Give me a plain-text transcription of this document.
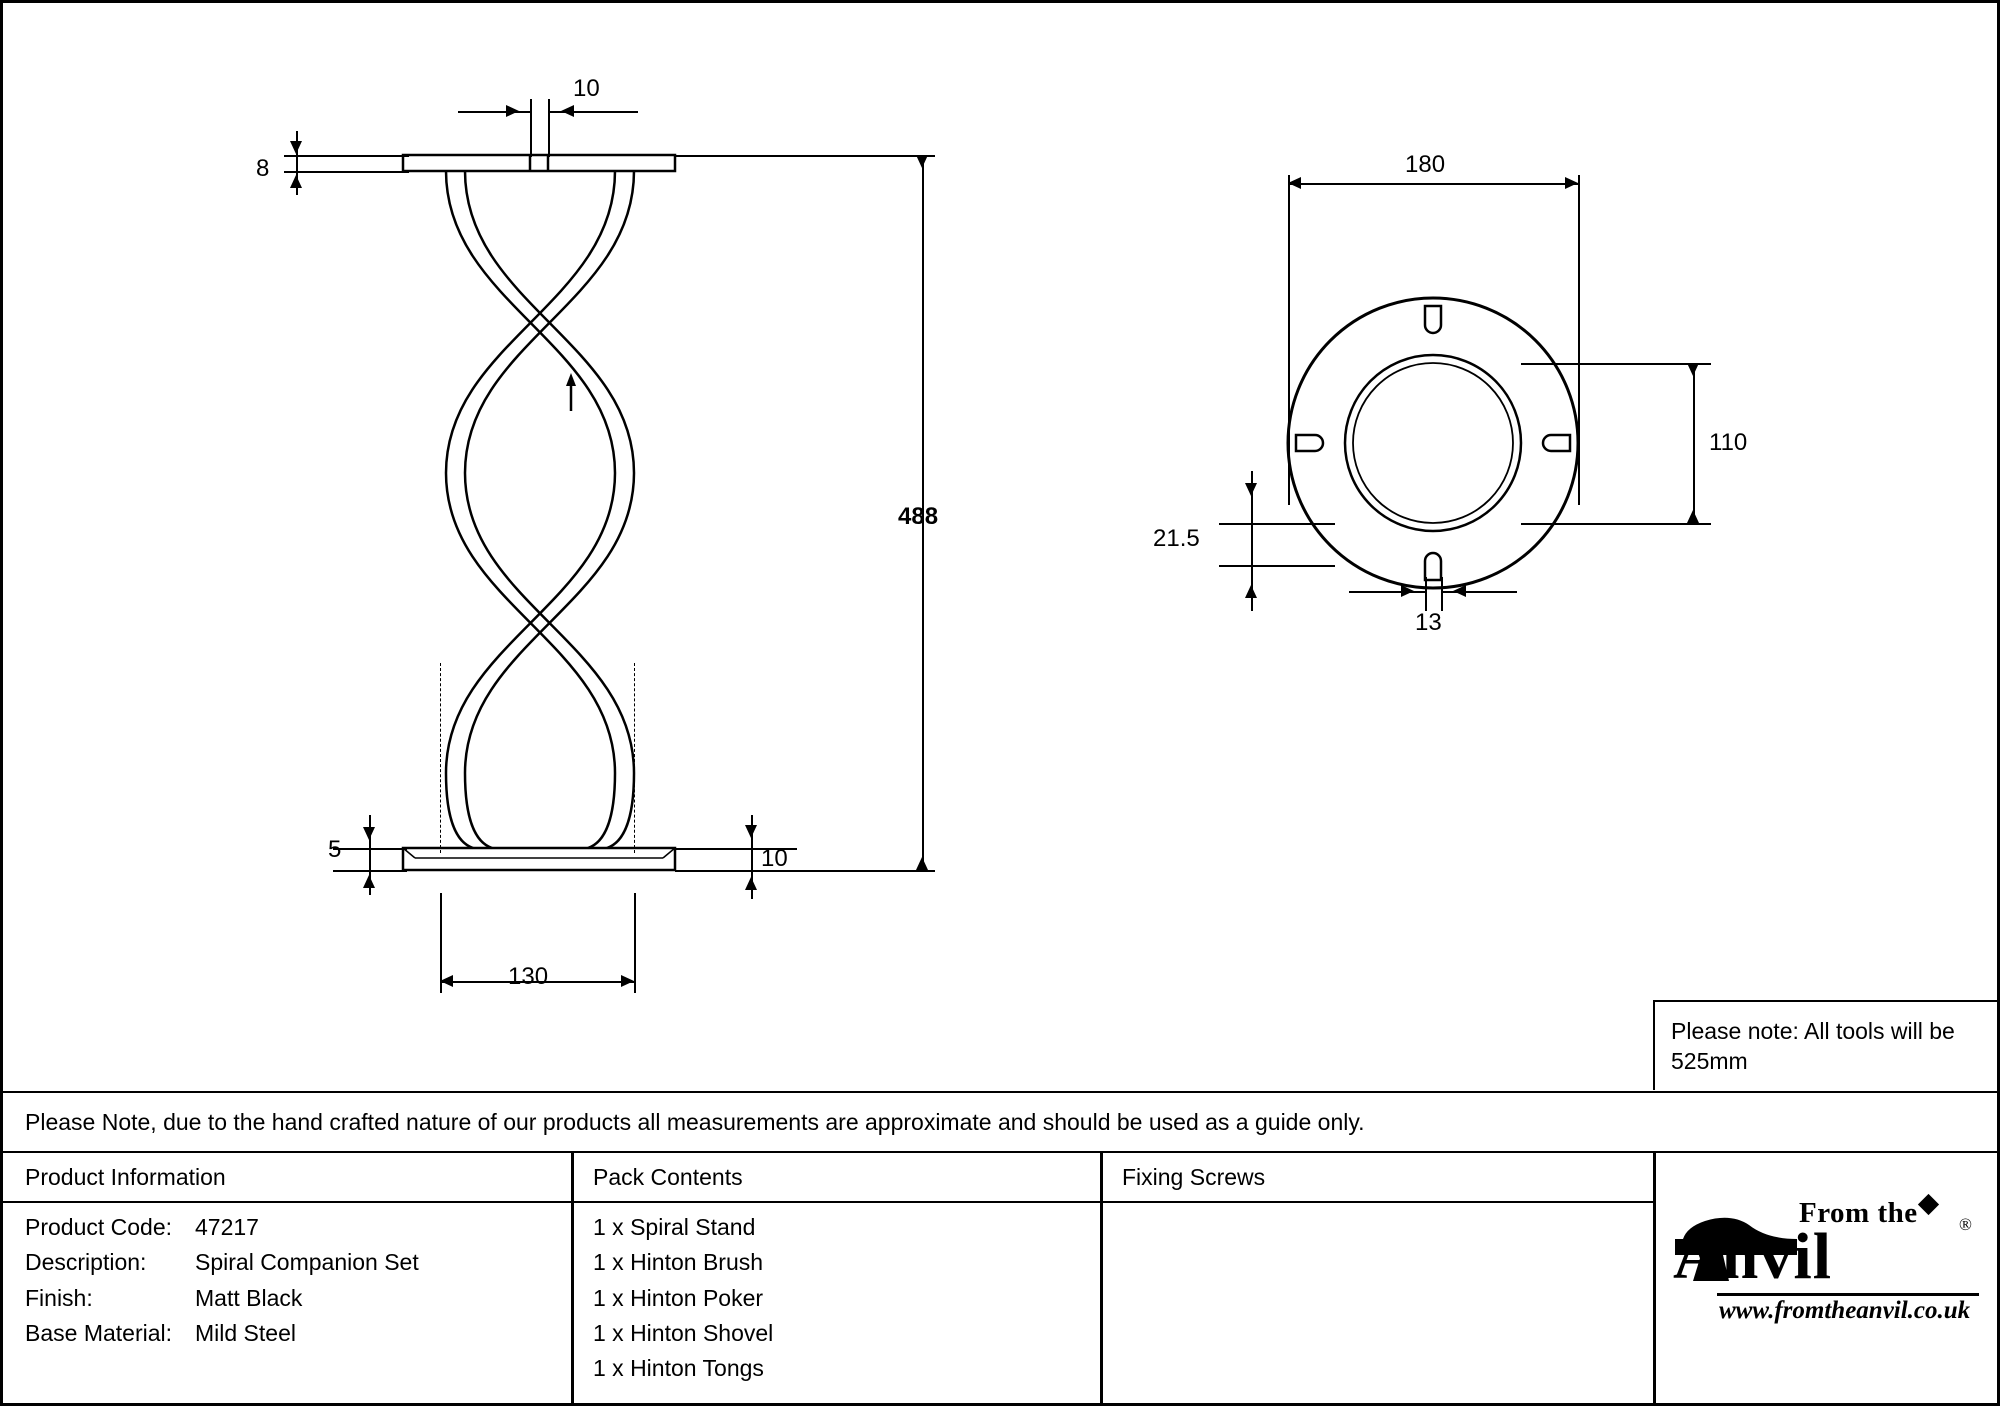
10
8
488
5	10
130
180
110
21.5
13
Please note: All tools will be 525mm
Please Note, due to the hand crafted nature of our products all measurements are approximate and should be used as a guide only.
Product Information	Pack Contents	Fixing Screws
Product Code: 47217
Description:	Spiral Companion Set
Finish:	Matt Black
Base Material: Mild Steel
1 x Spiral Stand
1 x Hinton Brush
1 x Hinton Poker
1 x Hinton Shovel
1 x Hinton Tongs
From the ®
Anvil
www.fromtheanvil.co.uk
